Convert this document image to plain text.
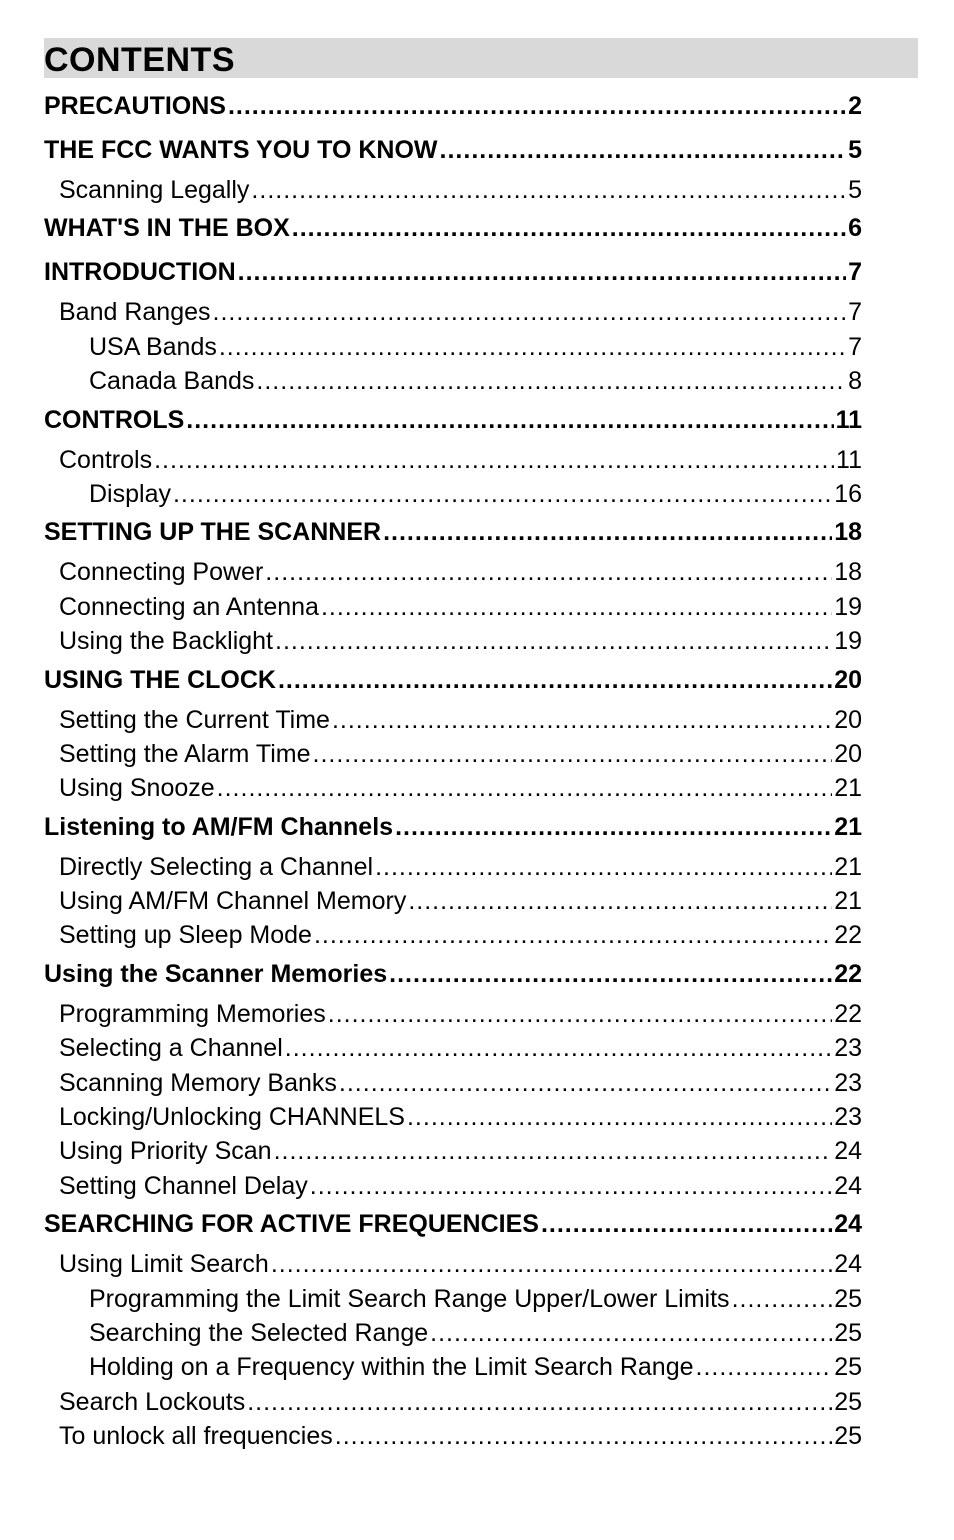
CONTENTS
PRECAUTIONS .....	2
THE FCC WANTS YOU TO KNOW .....	5
Scanning Legally .....	5
WHAT'S IN THE BOX .....	6
INTRODUCTION .....	7
Band Ranges .....	7
USA Bands .....	7
Canada Bands .....	8
CONTROLS .....	11
Controls .....	11
Display .....	16
SETTING UP THE SCANNER .....	18
Connecting Power .....	18
Connecting an Antenna .....	19
Using the Backlight .....	19
USING THE CLOCK .....	20
Setting the Current Time .....	20
Setting the Alarm Time .....	20
Using Snooze .....	21
Listening to AM/FM Channels .....	21
Directly Selecting a Channel .....	21
Using AM/FM Channel Memory .....	21
Setting up Sleep Mode .....	22
Using the Scanner Memories .....	22
Programming Memories .....	22
Selecting a Channel .....	23
Scanning Memory Banks .....	23
Locking/Unlocking CHANNELS .....	23
Using Priority Scan .....	24
Setting Channel Delay .....	24
SEARCHING FOR ACTIVE FREQUENCIES .....	24
Using Limit Search .....	24
Programming the Limit Search Range Upper/Lower Limits .....	25
Searching the Selected Range .....	25
Holding on a Frequency within the Limit Search Range .....	25
Search Lockouts .....	25
To unlock all frequencies .....	25
